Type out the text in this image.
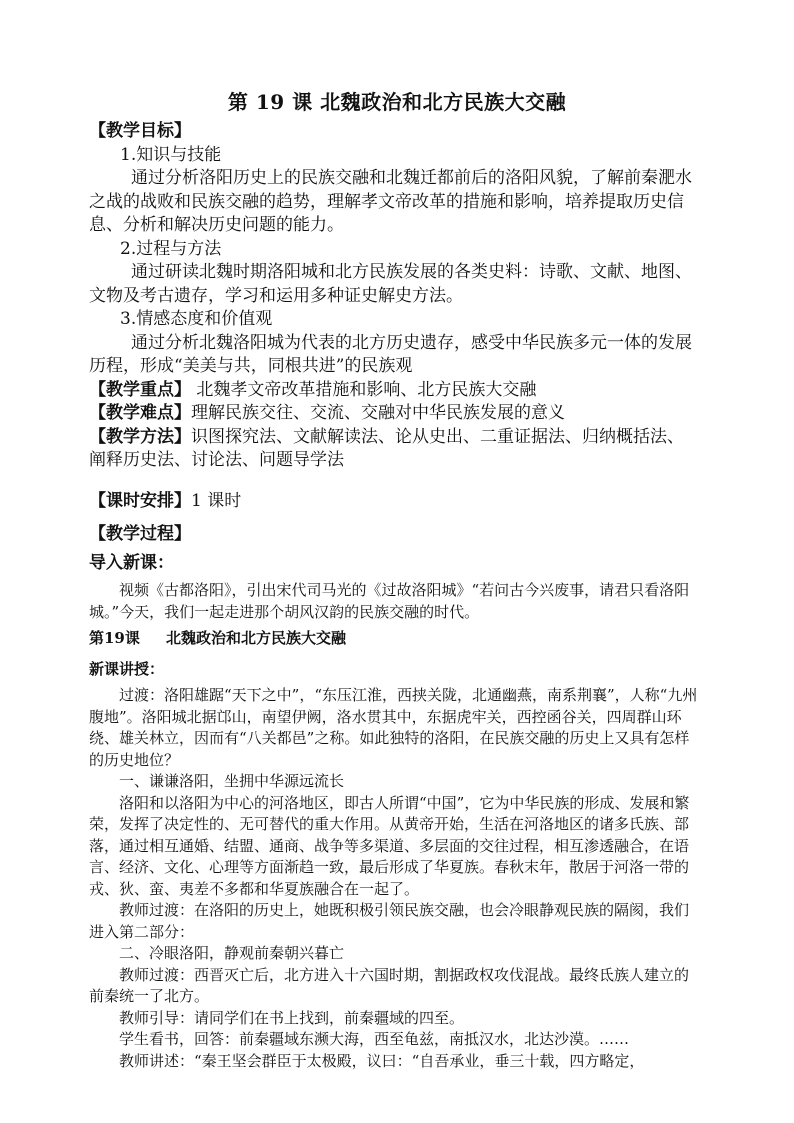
第 19 课 北魏政治和北方民族大交融

【教学目标】

1.知识与技能

通过分析洛阳历史上的民族交融和北魏迁都前后的洛阳风貌，了解前秦淝水之战的战败和民族交融的趋势，理解孝文帝改革的措施和影响，培养提取历史信息、分析和解决历史问题的能力。

2.过程与方法

通过研读北魏时期洛阳城和北方民族发展的各类史料：诗歌、文献、地图、文物及考古遗存，学习和运用多种证史解史方法。

3.情感态度和价值观

通过分析北魏洛阳城为代表的北方历史遗存，感受中华民族多元一体的发展历程，形成“美美与共，同根共进”的民族观

【教学重点】 北魏孝文帝改革措施和影响、北方民族大交融

【教学难点】理解民族交往、交流、交融对中华民族发展的意义

【教学方法】识图探究法、文献解读法、论从史出、二重证据法、归纳概括法、阐释历史法、讨论法、问题导学法

【课时安排】1 课时
【教学过程】
导入新课：
视频《古都洛阳》，引出宋代司马光的《过故洛阳城》“若问古今兴废事，请君只看洛阳城。”今天，我们一起走进那个胡风汉韵的民族交融的时代。
第19课     北魏政治和北方民族大交融
新课讲授：

过渡：洛阳雄踞“天下之中”，“东压江淮，西挟关陇，北通幽燕，南系荆襄”，人称“九州腹地”。洛阳城北据邙山，南望伊阙，洛水贯其中，东据虎牢关，西控函谷关，四周群山环绕、雄关林立，因而有“八关都邑”之称。如此独特的洛阳，在民族交融的历史上又具有怎样的历史地位？

一、谦谦洛阳，坐拥中华源远流长

洛阳和以洛阳为中心的河洛地区，即古人所谓“中国”，它为中华民族的形成、发展和繁荣，发挥了决定性的、无可替代的重大作用。从黄帝开始，生活在河洛地区的诸多氏族、部落，通过相互通婚、结盟、通商、战争等多渠道、多层面的交往过程，相互渗透融合，在语言、经济、文化、心理等方面渐趋一致，最后形成了华夏族。春秋末年，散居于河洛一带的戎、狄、蛮、夷差不多都和华夏族融合在一起了。

教师过渡：在洛阳的历史上，她既积极引领民族交融，也会冷眼静观民族的隔阂，我们进入第二部分：

二、冷眼洛阳，静观前秦朝兴暮亡

教师过渡：西晋灭亡后，北方进入十六国时期，割据政权攻伐混战。最终氐族人建立的前秦统一了北方。

教师引导：请同学们在书上找到，前秦疆域的四至。

学生看书，回答：前秦疆域东濒大海，西至龟兹，南抵汉水，北达沙漠。……

教师讲述：“秦王坚会群臣于太极殿，议曰：“自吾承业，垂三十载，四方略定，
